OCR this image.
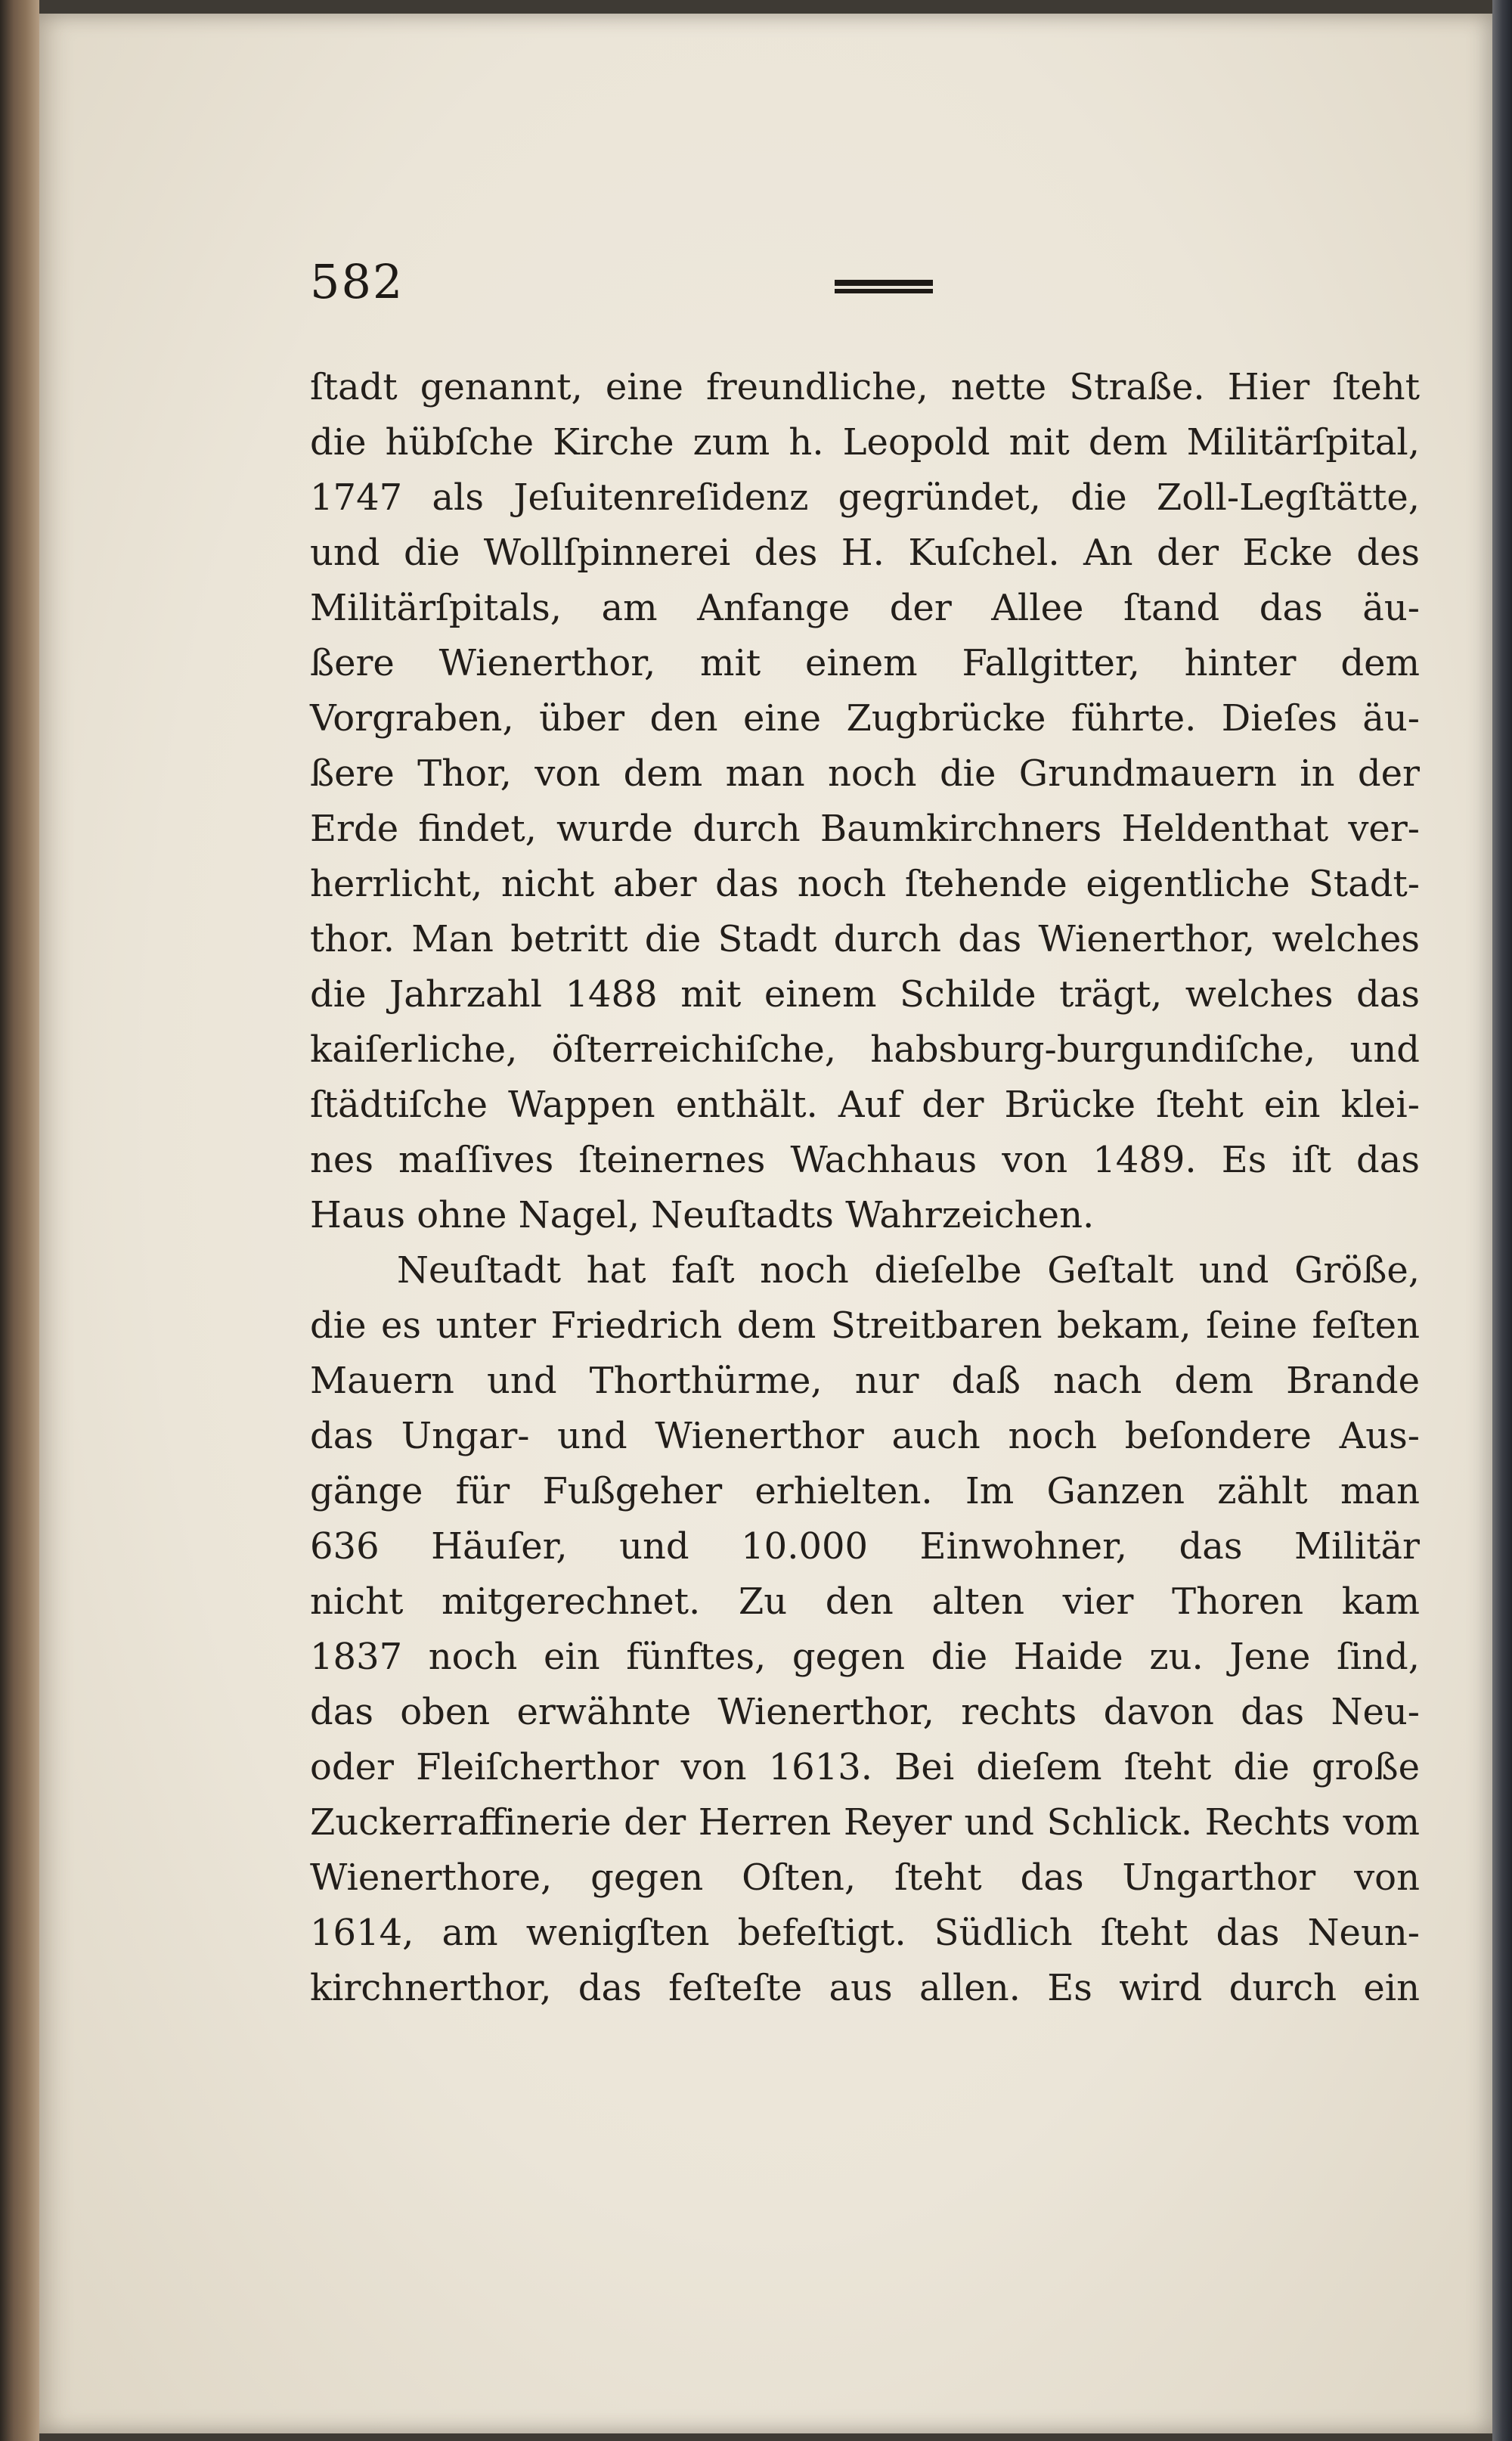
582
ſtadt genannt, eine freundliche, nette Straße. Hier ſteht
die hübſche Kirche zum h. Leopold mit dem Militärſpital,
1747 als Jeſuitenreſidenz gegründet, die Zoll-Legſtätte,
und die Wollſpinnerei des H. Kuſchel. An der Ecke des
Militärſpitals, am Anfange der Allee ſtand das äu-
ßere Wienerthor, mit einem Fallgitter, hinter dem
Vorgraben, über den eine Zugbrücke führte. Dieſes äu-
ßere Thor, von dem man noch die Grundmauern in der
Erde findet, wurde durch Baumkirchners Heldenthat ver-
herrlicht, nicht aber das noch ſtehende eigentliche Stadt-
thor. Man betritt die Stadt durch das Wienerthor, welches
die Jahrzahl 1488 mit einem Schilde trägt, welches das
kaiſerliche, öſterreichiſche, habsburg-burgundiſche, und
ſtädtiſche Wappen enthält. Auf der Brücke ſteht ein klei-
nes maſſives ſteinernes Wachhaus von 1489. Es iſt das
Haus ohne Nagel, Neuſtadts Wahrzeichen.
Neuſtadt hat faſt noch dieſelbe Geſtalt und Größe,
die es unter Friedrich dem Streitbaren bekam, ſeine feſten
Mauern und Thorthürme, nur daß nach dem Brande
das Ungar- und Wienerthor auch noch beſondere Aus-
gänge für Fußgeher erhielten. Im Ganzen zählt man
636 Häuſer, und 10.000 Einwohner, das Militär
nicht mitgerechnet. Zu den alten vier Thoren kam
1837 noch ein fünftes, gegen die Haide zu. Jene ſind,
das oben erwähnte Wienerthor, rechts davon das Neu-
oder Fleiſcherthor von 1613. Bei dieſem ſteht die große
Zuckerraffinerie der Herren Reyer und Schlick. Rechts vom
Wienerthore, gegen Oſten, ſteht das Ungarthor von
1614, am wenigſten befeſtigt. Südlich ſteht das Neun-
kirchnerthor, das feſteſte aus allen. Es wird durch ein
